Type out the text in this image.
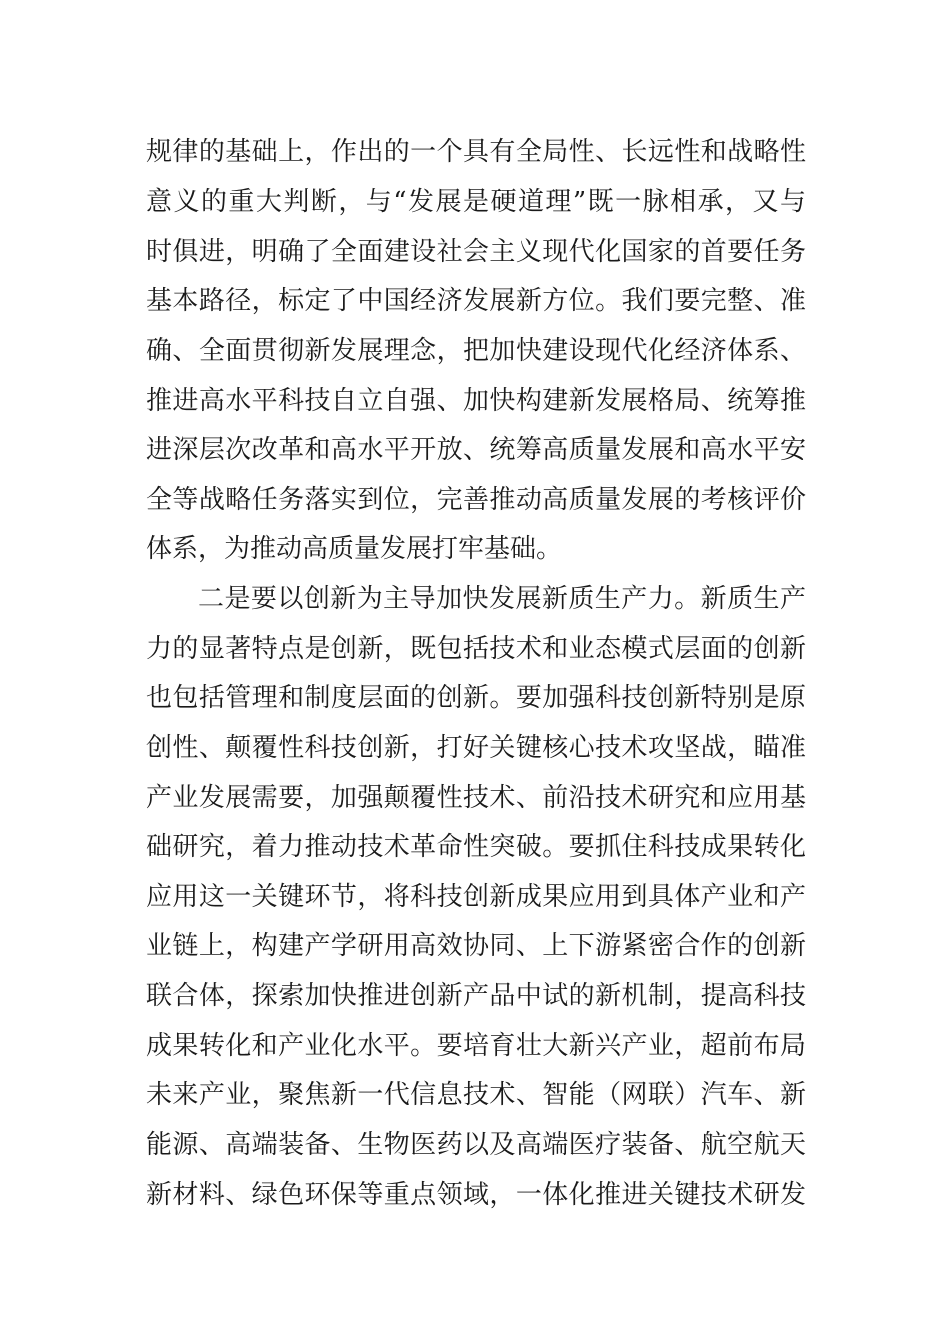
规律的基础上，作出的一个具有全局性、长远性和战略性
意义的重大判断，与“发展是硬道理”既一脉相承，又与
时俱进，明确了全面建设社会主义现代化国家的首要任务
基本路径，标定了中国经济发展新方位。我们要完整、准
确、全面贯彻新发展理念，把加快建设现代化经济体系、
推进高水平科技自立自强、加快构建新发展格局、统筹推
进深层次改革和高水平开放、统筹高质量发展和高水平安
全等战略任务落实到位，完善推动高质量发展的考核评价
体系，为推动高质量发展打牢基础。
二是要以创新为主导加快发展新质生产力。新质生产
力的显著特点是创新，既包括技术和业态模式层面的创新
也包括管理和制度层面的创新。要加强科技创新特别是原
创性、颠覆性科技创新，打好关键核心技术攻坚战，瞄准
产业发展需要，加强颠覆性技术、前沿技术研究和应用基
础研究，着力推动技术革命性突破。要抓住科技成果转化
应用这一关键环节，将科技创新成果应用到具体产业和产
业链上，构建产学研用高效协同、上下游紧密合作的创新
联合体，探索加快推进创新产品中试的新机制，提高科技
成果转化和产业化水平。要培育壮大新兴产业，超前布局
未来产业，聚焦新一代信息技术、智能（网联）汽车、新
能源、高端装备、生物医药以及高端医疗装备、航空航天
新材料、绿色环保等重点领域，一体化推进关键技术研发
